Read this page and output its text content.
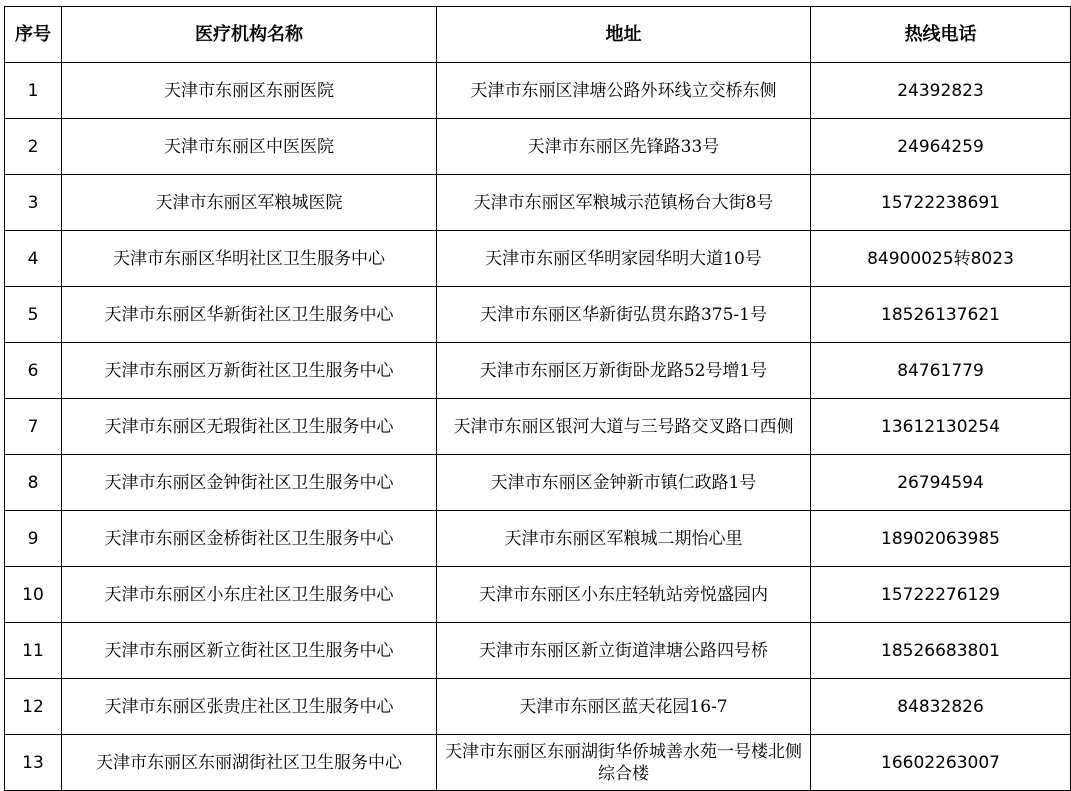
序号	医疗机构名称	地址	热线电话
1	天津市东丽区东丽医院	天津市东丽区津塘公路外环线立交桥东侧	24392823
2	天津市东丽区中医医院	天津市东丽区先锋路33号	24964259
3	天津市东丽区军粮城医院	天津市东丽区军粮城示范镇杨台大街8号	15722238691
4	天津市东丽区华明社区卫生服务中心	天津市东丽区华明家园华明大道10号	84900025转8023
5	天津市东丽区华新街社区卫生服务中心	天津市东丽区华新街弘贯东路375-1号	18526137621
6	天津市东丽区万新街社区卫生服务中心	天津市东丽区万新街卧龙路52号增1号	84761779
7	天津市东丽区无瑕街社区卫生服务中心	天津市东丽区银河大道与三号路交叉路口西侧	13612130254
8	天津市东丽区金钟街社区卫生服务中心	天津市东丽区金钟新市镇仁政路1号	26794594
9	天津市东丽区金桥街社区卫生服务中心	天津市东丽区军粮城二期怡心里	18902063985
10	天津市东丽区小东庄社区卫生服务中心	天津市东丽区小东庄轻轨站旁悦盛园内	15722276129
11	天津市东丽区新立街社区卫生服务中心	天津市东丽区新立街道津塘公路四号桥	18526683801
12	天津市东丽区张贵庄社区卫生服务中心	天津市东丽区蓝天花园16-7	84832826
13	天津市东丽区东丽湖街社区卫生服务中心	天津市东丽区东丽湖街华侨城善水苑一号楼北侧综合楼	16602263007
